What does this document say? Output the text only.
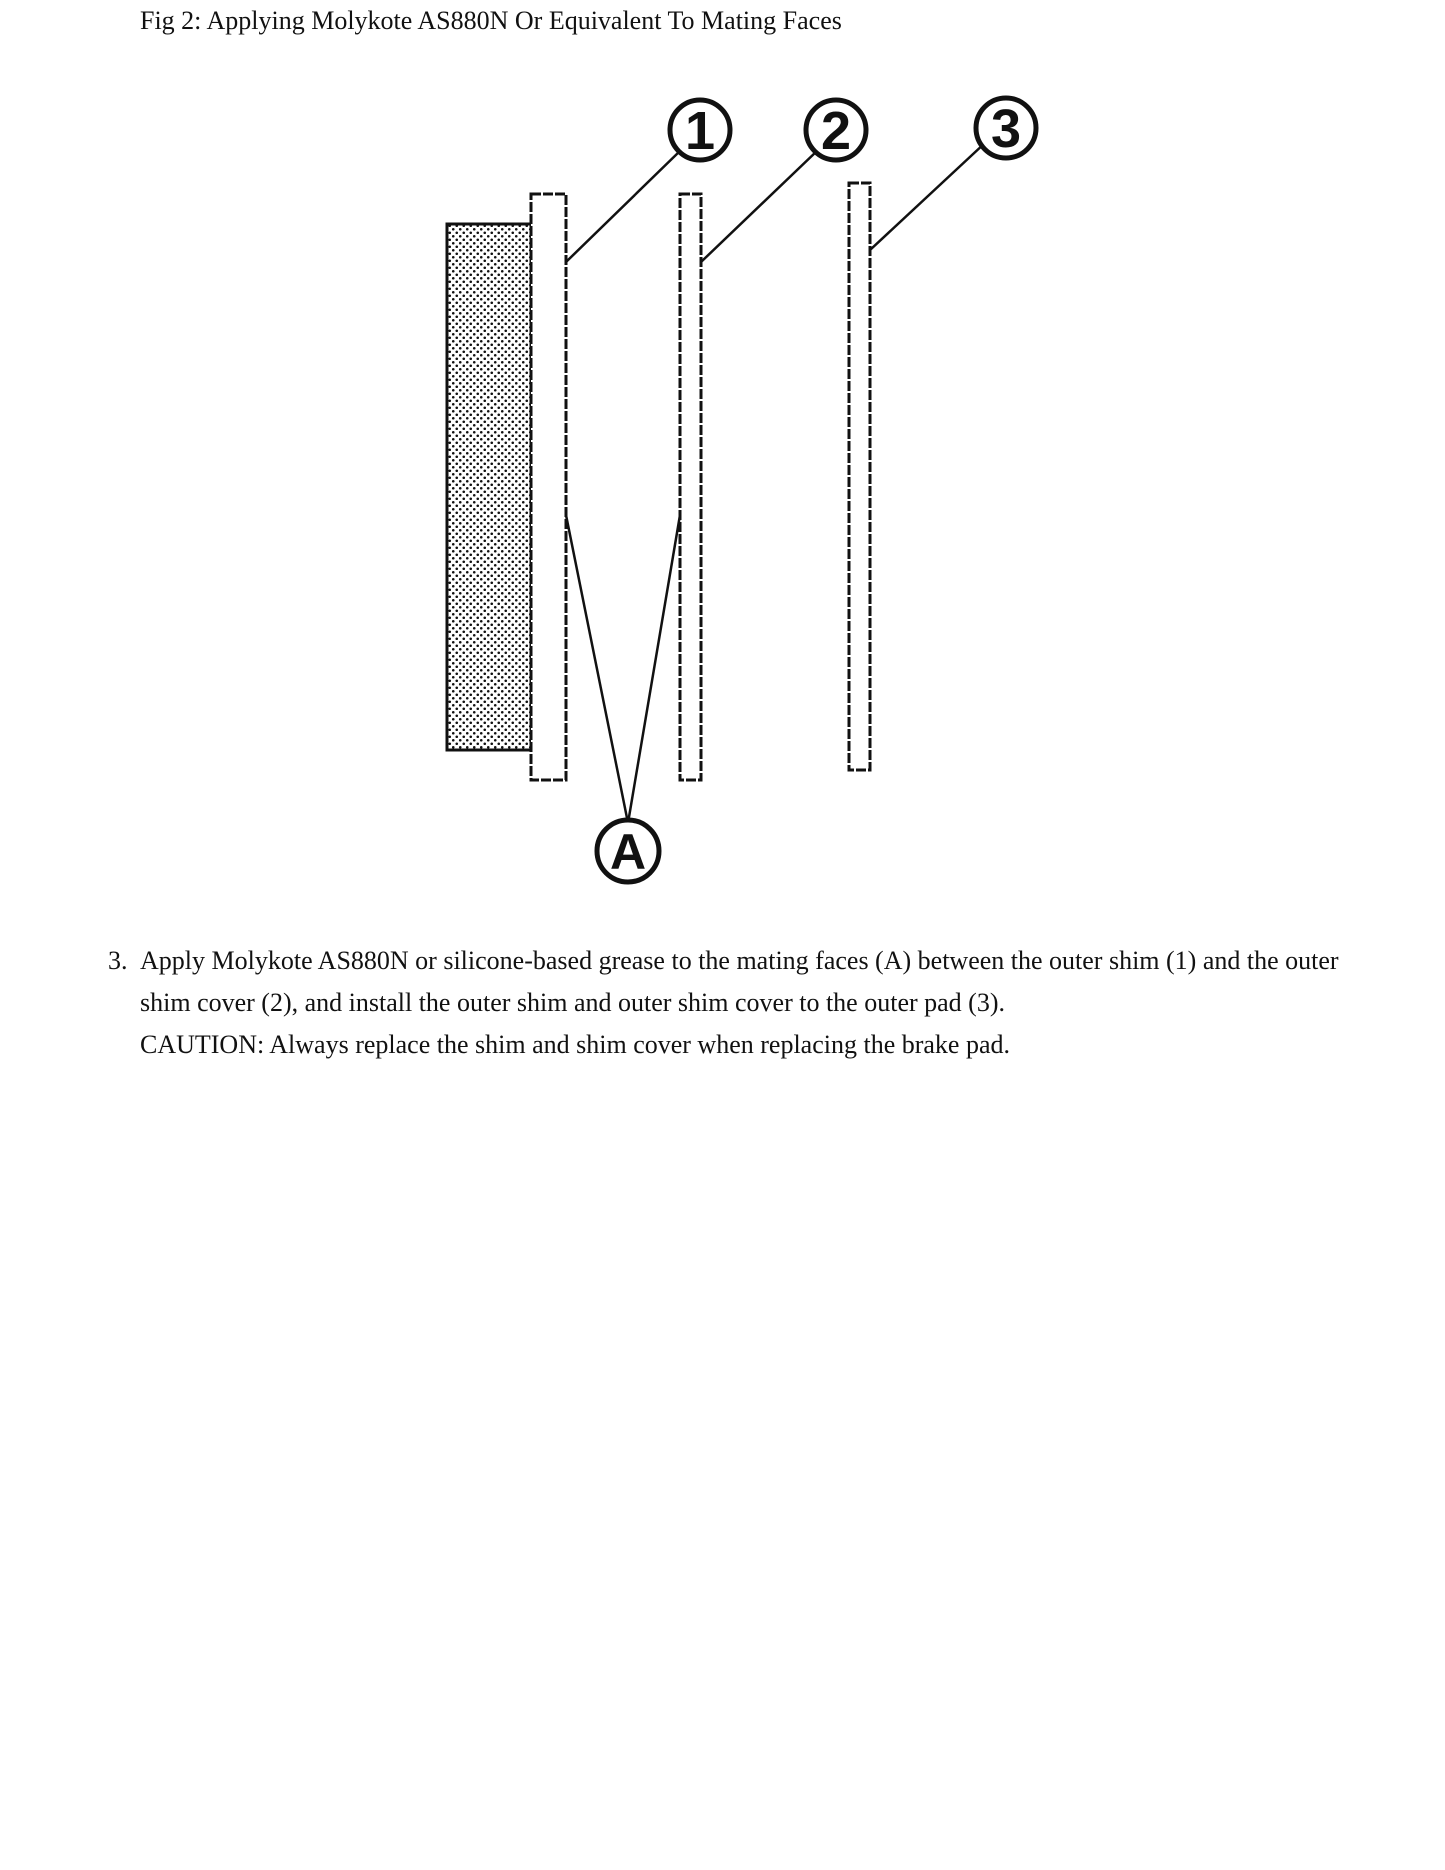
Fig 2: Applying Molykote AS880N Or Equivalent To Mating Faces
1 2	3
A
3. Apply Molykote AS880N or silicone-based grease to the mating faces (A) between the outer shim (1) and the outer shim cover (2), and install the outer shim and outer shim cover to the outer pad (3).
CAUTION: Always replace the shim and shim cover when replacing the brake pad.
